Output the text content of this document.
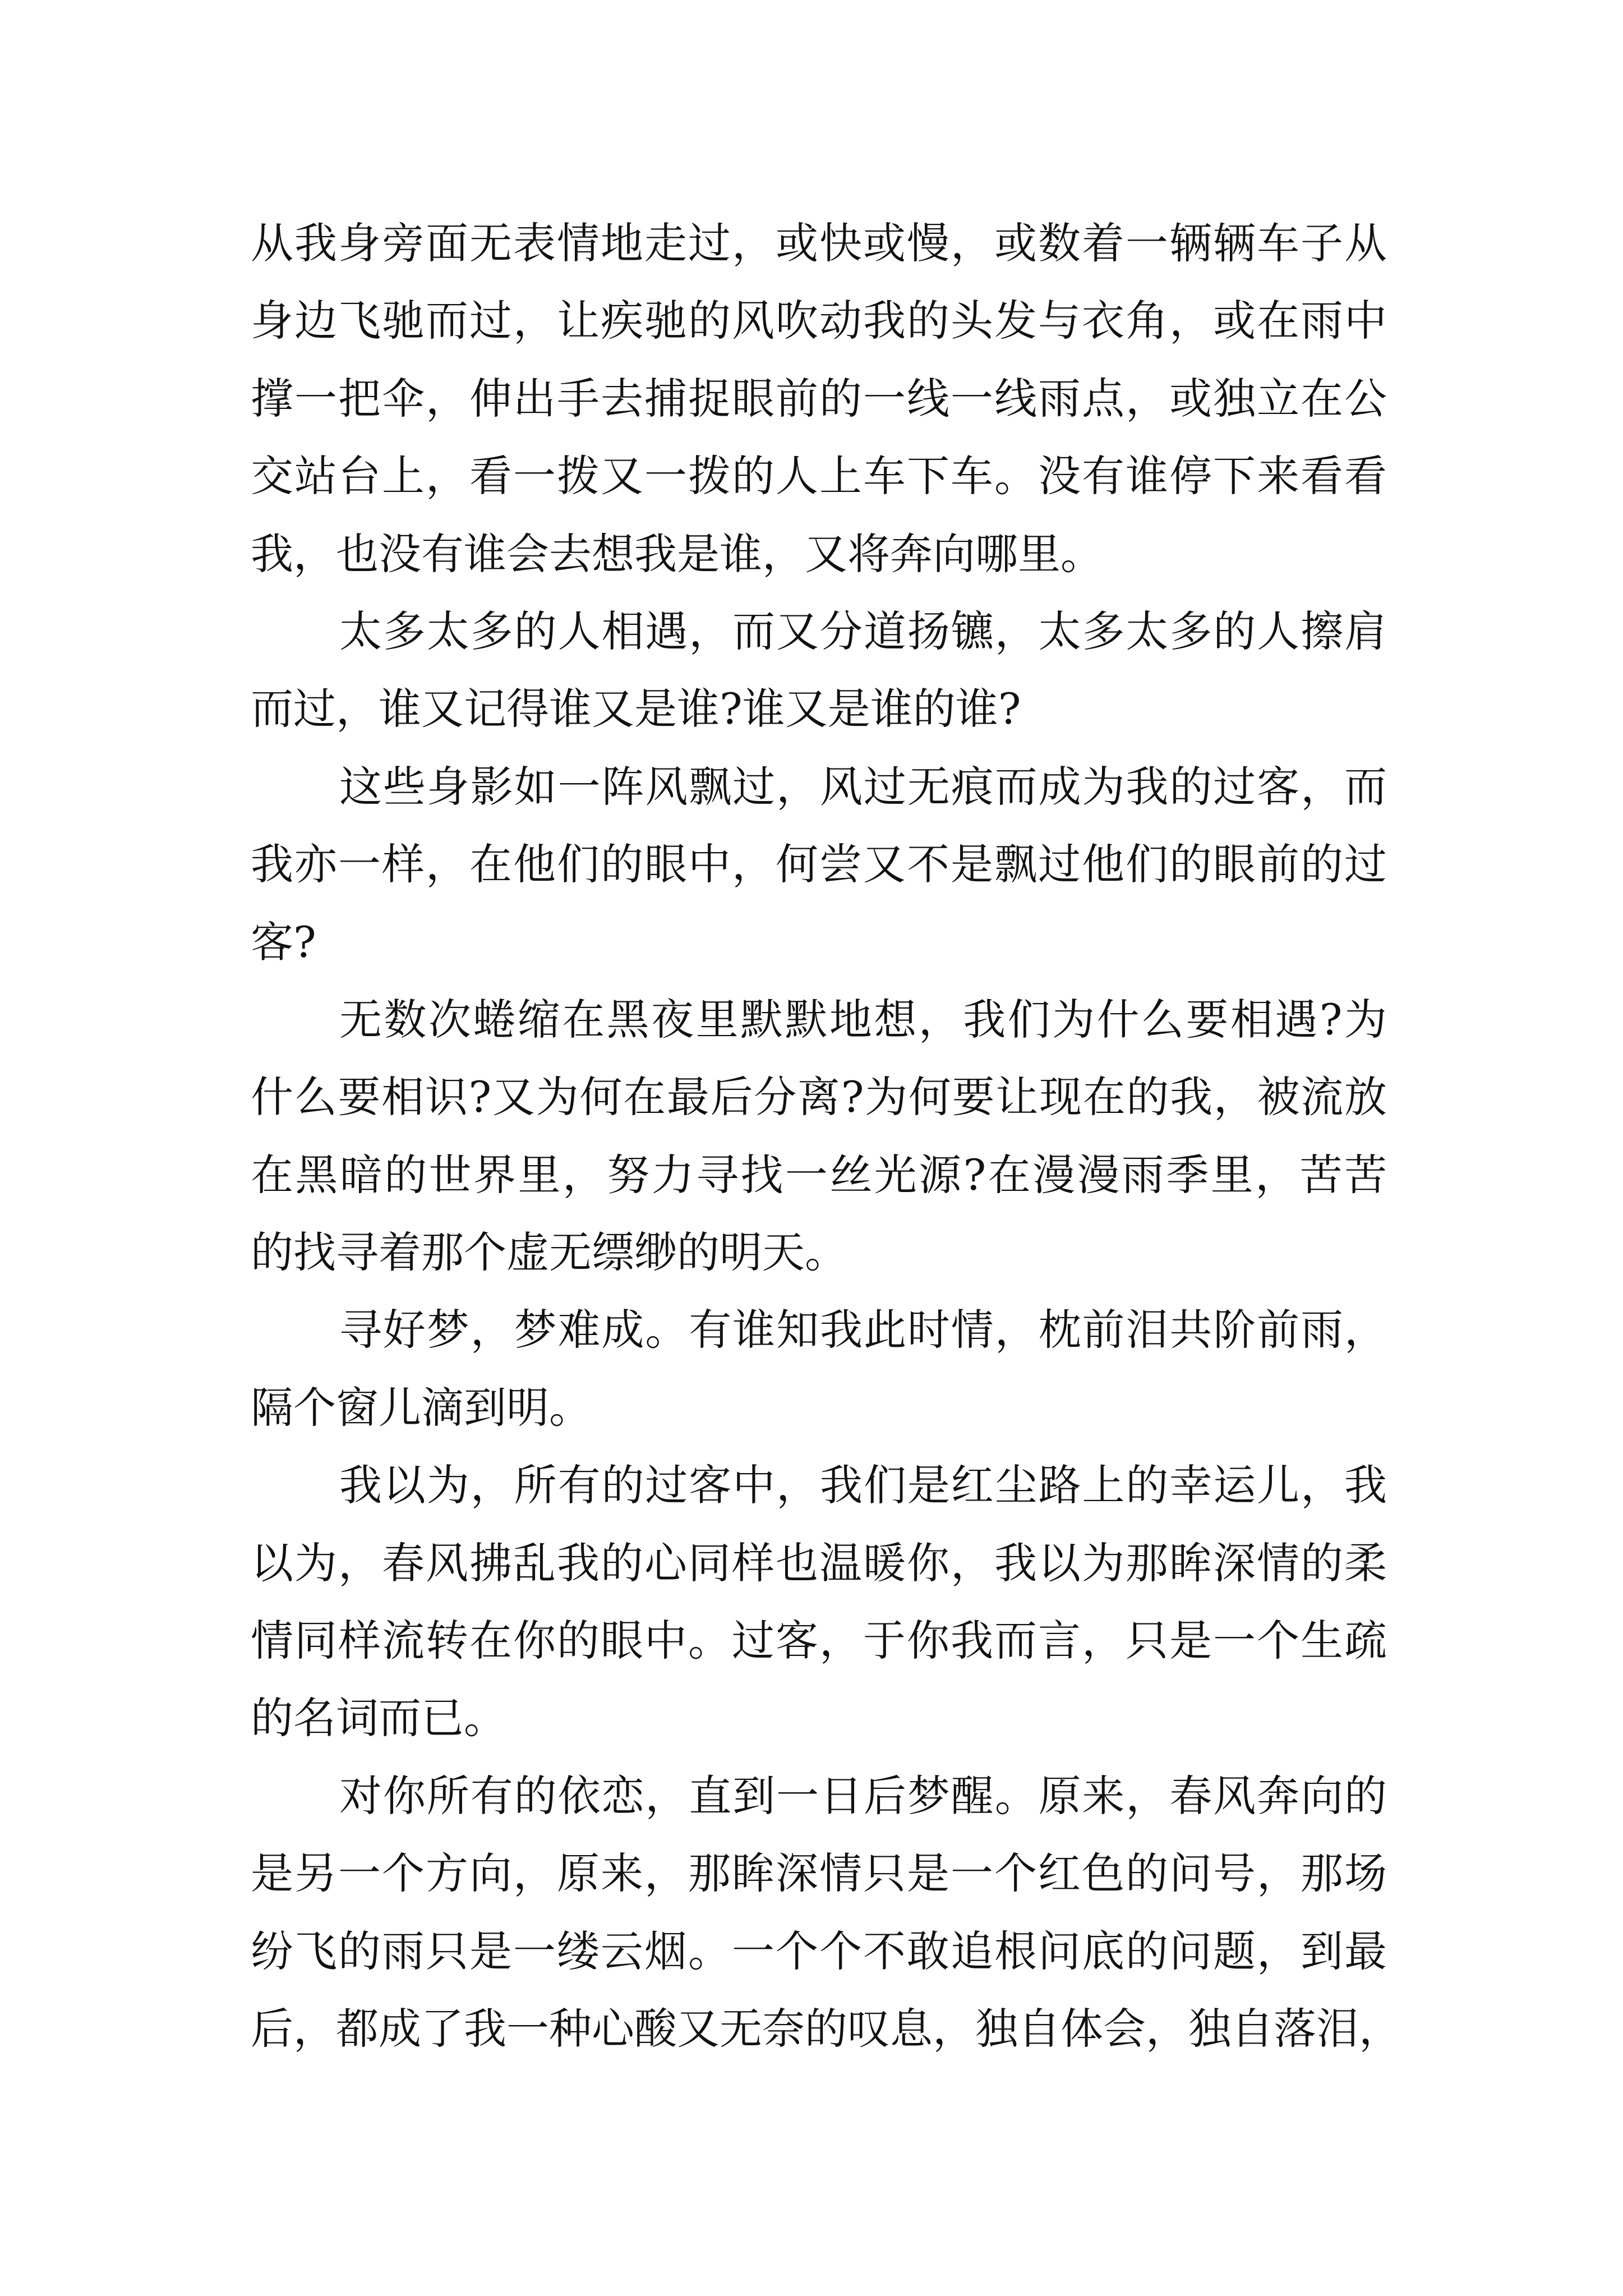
从我身旁面无表情地走过，或快或慢，或数着一辆辆车子从
身边飞驰而过，让疾驰的风吹动我的头发与衣角，或在雨中
撑一把伞，伸出手去捕捉眼前的一线一线雨点，或独立在公
交站台上，看一拨又一拨的人上车下车。没有谁停下来看看
我，也没有谁会去想我是谁，又将奔向哪里。
太多太多的人相遇，而又分道扬镳，太多太多的人擦肩
而过，谁又记得谁又是谁?谁又是谁的谁?
这些身影如一阵风飘过，风过无痕而成为我的过客，而
我亦一样，在他们的眼中，何尝又不是飘过他们的眼前的过
客?
无数次蜷缩在黑夜里默默地想，我们为什么要相遇?为
什么要相识?又为何在最后分离?为何要让现在的我，被流放
在黑暗的世界里，努力寻找一丝光源?在漫漫雨季里，苦苦
的找寻着那个虚无缥缈的明天。
寻好梦，梦难成。有谁知我此时情，枕前泪共阶前雨，
隔个窗儿滴到明。
我以为，所有的过客中，我们是红尘路上的幸运儿，我
以为，春风拂乱我的心同样也温暖你，我以为那眸深情的柔
情同样流转在你的眼中。过客，于你我而言，只是一个生疏
的名词而已。
对你所有的依恋，直到一日后梦醒。原来，春风奔向的
是另一个方向，原来，那眸深情只是一个红色的问号，那场
纷飞的雨只是一缕云烟。一个个不敢追根问底的问题，到最
后，都成了我一种心酸又无奈的叹息，独自体会，独自落泪，
